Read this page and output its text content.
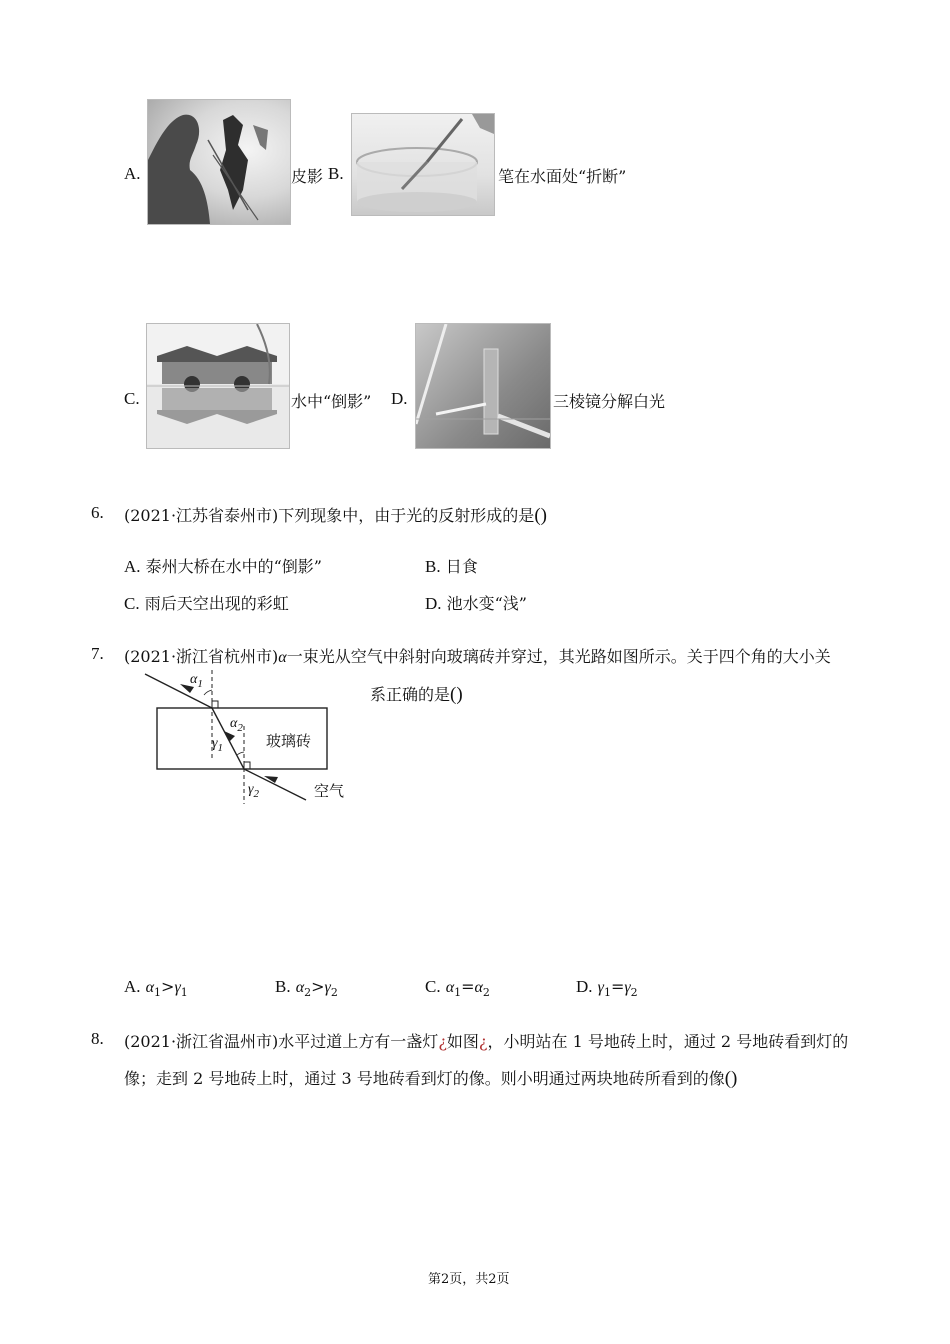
A.	皮影 B.	笔在水面处“折断”
C.	水中“倒影” D.	三棱镜分解白光
6. (2021·江苏省泰州市)下列现象中，由于光的反射形成的是()
A. 泰州大桥在水中的“倒影”	B. 日食
C. 雨后天空出现的彩虹	D. 池水变“浅”
7. (2021·浙江省杭州市)α一束光从空气中斜射向玻璃砖并穿过，其光路如图所示。关于四个角的大小关
系正确的是()
$\alpha_1$
$\alpha_2$
$\gamma_1$
$\gamma_2$
玻璃砖
空气
A. $\alpha_1>\gamma_1$	B. $\alpha_2>\gamma_2$	C. $\alpha_1=\alpha_2$	D. $\gamma_1=\gamma_2$
8. (2021·浙江省温州市)水平过道上方有一盏灯¿如图¿，小明站在 1 号地砖上时，通过 2 号地砖看到灯的
像；走到 2 号地砖上时，通过 3 号地砖看到灯的像。则小明通过两块地砖所看到的像()
第2页，共2页
